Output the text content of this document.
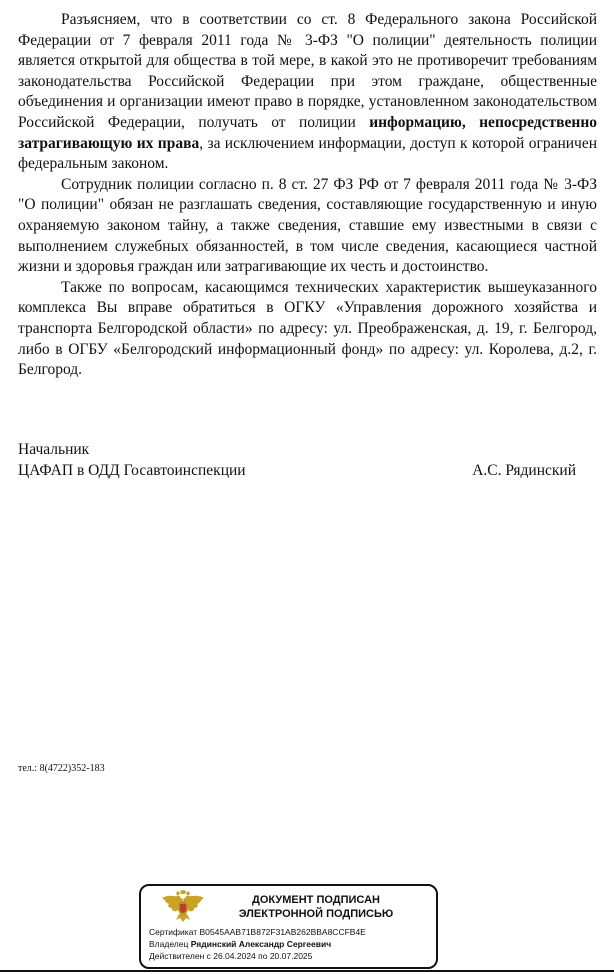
Разъясняем, что в соответствии со ст. 8 Федерального закона Российской Федерации от 7 февраля 2011 года № 3-ФЗ "О полиции" деятельность полиции является открытой для общества в той мере, в какой это не противоречит требованиям законодательства Российской Федерации при этом граждане, общественные объединения и организации имеют право в порядке, установленном законодательством Российской Федерации, получать от полиции информацию, непосредственно затрагивающую их права, за исключением информации, доступ к которой ограничен федеральным законом.

Сотрудник полиции согласно п. 8 ст. 27 ФЗ РФ от 7 февраля 2011 года № 3-ФЗ "О полиции" обязан не разглашать сведения, составляющие государственную и иную охраняемую законом тайну, а также сведения, ставшие ему известными в связи с выполнением служебных обязанностей, в том числе сведения, касающиеся частной жизни и здоровья граждан или затрагивающие их честь и достоинство.

Также по вопросам, касающимся технических характеристик вышеуказанного комплекса Вы вправе обратиться в ОГКУ «Управления дорожного хозяйства и транспорта Белгородской области» по адресу: ул. Преображенская, д. 19, г. Белгород, либо в ОГБУ «Белгородский информационный фонд» по адресу: ул. Королева, д.2, г. Белгород.

Начальник
ЦАФАП в ОДД Госавтоинспекции	А.С. Рядинский
тел.: 8(4722)352-183
ДОКУМЕНТ ПОДПИСАН
ЭЛЕКТРОННОЙ ПОДПИСЬЮ
Сертификат B0545AAB71B872F31AB262BBA8CCFB4E
Владелец Рядинский Александр Сергеевич
Действителен с 26.04.2024 по 20.07.2025
